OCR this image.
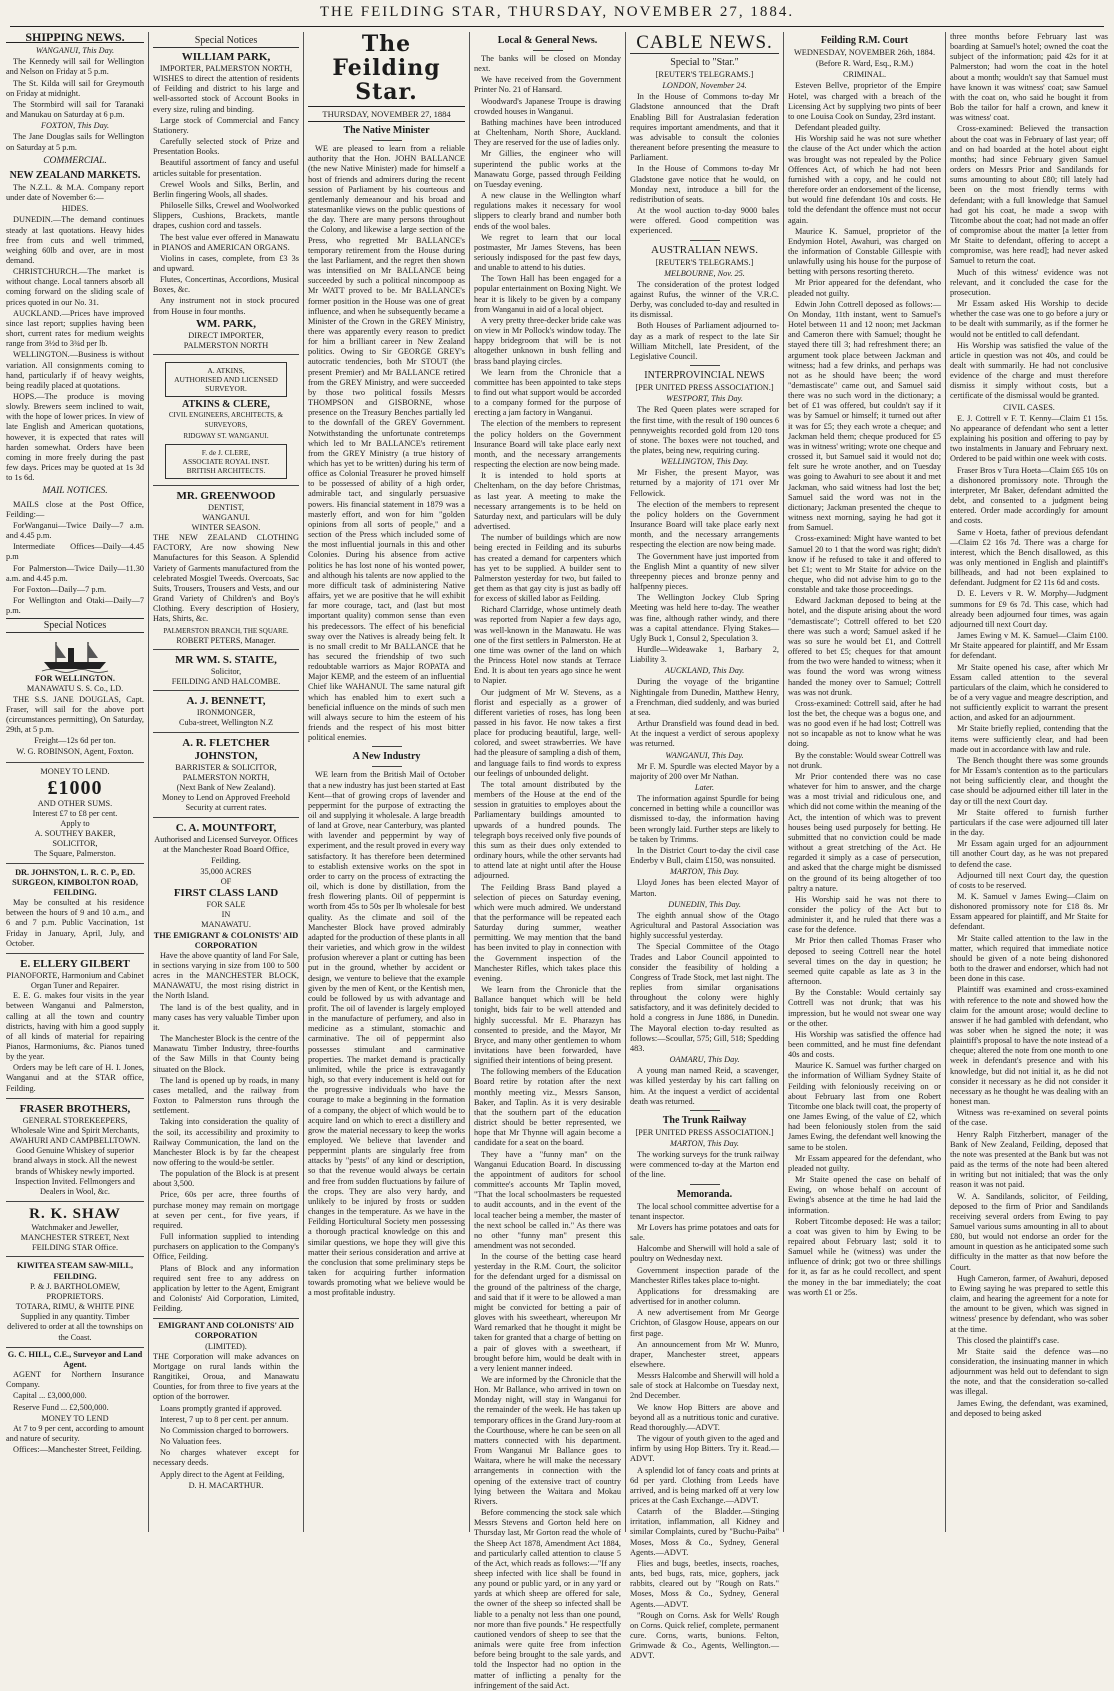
THE FEILDING STAR, THURSDAY, NOVEMBER 27, 1884.
SHIPPING NEWS.

WANGANUI, This Day.

The Kennedy will sail for Wellington and Nelson on Friday at 5 p.m.

The St. Kilda will sail for Greymouth on Friday at midnight.

The Stormbird will sail for Taranaki and Manukau on Saturday at 6 p.m.

FOXTON, This Day.

The Jane Douglas sails for Wellington on Saturday at 5 p.m.

COMMERCIAL.
NEW ZEALAND MARKETS.

The N.Z.L. & M.A. Company report under date of November 6:—

HIDES.

DUNEDIN.—The demand continues steady at last quotations. Heavy hides free from cuts and well trimmed, weighing 60lb and over, are in most demand.

CHRISTCHURCH.—The market is without change. Local tanners absorb all coming forward on the sliding scale of prices quoted in our No. 31.

AUCKLAND.—Prices have improved since last report; supplies having been short, current rates for medium weights range from 3½d to 3¾d per lb.

WELLINGTON.—Business is without variation. All consignments coming to hand, particularly if of heavy weights, being readily placed at quotations.

HOPS.—The produce is moving slowly. Brewers seem inclined to wait, with the hope of lower prices. In view of late English and American quotations, however, it is expected that rates will harden somewhat. Orders have been coming in more freely during the past few days. Prices may be quoted at 1s 3d to 1s 6d.

MAIL NOTICES.

MAILS close at the Post Office, Feilding:—

ForWanganui—Twice Daily—7 a.m. and 4.45 p.m.

Intermediate Offices—Daily—4.45 p.m

For Palmerston—Twice Daily—11.30 a.m. and 4.45 p.m.

For Foxton—Daily—7 p.m.

For Wellington and Otaki—Daily—7 p.m.

Special Notices
FOR WELLINGTON.
MANAWATU S. S. Co., LD.

THE S.S. JANE DOUGLAS, Capt. Fraser, will sail for the above port (circumstances permitting), On Saturday, 29th, at 5 p.m.

Freight—12s 6d per ton.

W. G. ROBINSON, Agent, Foxton.

MONEY TO LEND.
£1000
AND OTHER SUMS.
Interest £7 to £8 per cent.
Apply to
A. SOUTHEY BAKER,
SOLICITOR,
The Square, Palmerston.
DR. JOHNSTON, L. R. C. P., ED. SURGEON, KIMBOLTON ROAD, FEILDING.

May be consulted at his residence between the hours of 9 and 10 a.m., and 6 and 7 p.m. Public Vaccination, 1st Friday in January, April, July, and October.

E. ELLERY GILBERT
PIANOFORTE, Harmonium and Cabinet Organ Tuner and Repairer.

E. E. G. makes four visits in the year between Wanganui and Palmerston, calling at all the town and country districts, having with him a good supply of all kinds of material for repairing Pianos, Harmoniums, &c. Pianos tuned by the year.

Orders may be left care of H. I. Jones, Wanganui and at the STAR office, Feilding.

FRASER BROTHERS,
GENERAL STOREKEEPERS, Wholesale Wine and Spirit Merchants,
AWAHURI AND CAMPBELLTOWN.

Good Genuine Whiskey of superior brand always in stock. All the newest brands of Whiskey newly imported. Inspection Invited. Fellmongers and Dealers in Wool, &c.

R. K. SHAW
Watchmaker and Jeweller, MANCHESTER STREET, Next FEILDING STAR Office.
KIWITEA STEAM SAW-MILL, FEILDING.
P. & J. BARTHOLOMEW, PROPRIETORS.

TOTARA, RIMU, & WHITE PINE Supplied in any quantity. Timber delivered to order at all the townships on the Coast.

G. C. HILL, C.E., Surveyor and Land Agent.

AGENT for Northern Insurance Company.

Capital ... £3,000,000.

Reserve Fund ... £2,500,000.

MONEY TO LEND

At 7 to 9 per cent, according to amount and nature of security.

Offices:—Manchester Street, Feilding.

Special Notices
WILLIAM PARK,
IMPORTER, PALMERSTON NORTH,

WISHES to direct the attention of residents of Feilding and district to his large and well-assorted stock of Account Books in every size, ruling and binding.

Large stock of Commercial and Fancy Stationery.

Carefully selected stock of Prize and Presentation Books.

Beautiful assortment of fancy and useful articles suitable for presentation.

Crewel Wools and Silks, Berlin, and Berlin fingering Wools, all shades.

Philoselle Silks, Crewel and Woolworked Slippers, Cushions, Brackets, mantle drapes, cushion cord and tassels.

The best value ever offered in Manawatu in PIANOS and AMERICAN ORGANS.

Violins in cases, complete, from £3 3s and upward.

Flutes, Concertinas, Accordions, Musical Boxes, &c.

Any instrument not in stock procured from House in four months.

WM. PARK,
DIRECT IMPORTER,
PALMERSTON NORTH
A. ATKINS,
AUTHORISED AND LICENSED SURVEYOR.
ATKINS & CLERE,
CIVIL ENGINEERS, ARCHITECTS, & SURVEYORS,
RIDGWAY ST. WANGANUI.
F. de J. CLERE,
ASSOCIATE ROYAL INST. BRITISH ARCHITECTS.
MR. GREENWOOD
DENTIST,
WANGANUI.
WINTER SEASON.

THE NEW ZEALAND CLOTHING FACTORY, Are now showing New Manufactures for this Season. A Splendid Variety of Garments manufactured from the celebrated Mosgiel Tweeds. Overcoats, Sac Suits, Trousers, Trousers and Vests, and our Grand Variety of Children's and Boy's Clothing. Every description of Hosiery, Hats, Shirts, &c.

PALMERSTON BRANCH, THE SQUARE.
ROBERT PETERS, Manager.
MR WM. S. STAITE,
Solicitor,
FEILDING AND HALCOMBE.
A. J. BENNETT,
IRONMONGER,
Cuba-street, Wellington N.Z
A. R. FLETCHER JOHNSTON,
BARRISTER & SOLICITOR,
PALMERSTON NORTH,
(Next Bank of New Zealand).

Money to Lend on Approved Freehold Security at current rates.

C. A. MOUNTFORT,

Authorised and Licensed Surveyor. Offices at the Manchester Road Board Office, Feilding.

35,000 ACRES
OF
FIRST CLASS LAND
FOR SALE
IN
MANAWATU.
THE EMIGRANT & COLONISTS' AID CORPORATION

Have the above quantity of land For Sale, in sections varying in size from 100 to 500 acres in the MANCHESTER BLOCK, MANAWATU, the most rising district in the North Island.

The land is of the best quality, and in many cases has very valuable Timber upon it.

The Manchester Block is the centre of the Manawatu Timber Industry, three-fourths of the Saw Mills in that County being situated on the Block.

The land is opened up by roads, in many cases metalled, and the railway from Foxton to Palmerston runs through the settlement.

Taking into consideration the quality of the soil, its accessibility and proximity to Railway Communication, the land on the Manchester Block is by far the cheapest now offering to the would-be settler.

The population of the Block is at present about 3,500.

Price, 60s per acre, three fourths of purchase money may remain on mortgage at seven per cent., for five years, if required.

Full information supplied to intending purchasers on application to the Company's Office, Feilding.

Plans of Block and any information required sent free to any address on application by letter to the Agent, Emigrant and Colonists' Aid Corporation, Limited, Feilding.

EMIGRANT AND COLONISTS' AID CORPORATION
(LIMITED).

THE Corporation will make advances on Mortgage on rural lands within the Rangitikei, Oroua, and Manawatu Counties, for from three to five years at the option of the borrower.

Loans promptly granted if approved.

Interest, 7 up to 8 per cent. per annum.

No Commission charged to borrowers.

No Valuation fees.

No charges whatever except for necessary deeds.

Apply direct to the Agent at Feilding,

D. H. MACARTHUR.
The Feilding Star.
THURSDAY, NOVEMBER 27, 1884
The Native Minister

WE are pleased to learn from a reliable authority that the Hon. JOHN BALLANCE (the new Native Minister) made for himself a host of friends and admirers during the recent session of Parliament by his courteous and gentlemanly demeanour and his broad and statesmanlike views on the public questions of the day. There are many persons throughout the Colony, and likewise a large section of the Press, who regretted Mr BALLANCE's temporary retirement from the House during the last Parliament, and the regret then shown was intensified on Mr BALLANCE being succeeded by such a political nincompoop as Mr WATT proved to be. Mr BALLANCE's former position in the House was one of great influence, and when he subsequently became a Minister of the Crown in the GREY Ministry, there was apparently every reason to predict for him a brilliant career in New Zealand politics. Owing to Sir GEORGE GREY's autocratic tendencies, both Mr STOUT (the present Premier) and Mr BALLANCE retired from the GREY Ministry, and were succeeded by those two political fossils Messrs THOMPSON and GISBORNE, whose presence on the Treasury Benches partially led to the downfall of the GREY Government. Notwithstanding the unfortunate contretemps which led to Mr BALLANCE's retirement from the GREY Ministry (a true history of which has yet to be written) during his term of office as Colonial Treasurer he proved himself to be possessed of ability of a high order, admirable tact, and singularly persuasive powers. His financial statement in 1879 was a masterly effort, and won for him "golden opinions from all sorts of people," and a section of the Press which included some of the most influential journals in this and other Colonies. During his absence from active politics he has lost none of his wonted power, and although his talents are now applied to the more difficult task of administering Native affairs, yet we are positive that he will exhibit far more courage, tact, and (last but most important quality) common sense than even his predecessors. The effect of his beneficial sway over the Natives is already being felt. It is no small credit to Mr BALLANCE that he has secured the friendship of two such redoubtable warriors as Major ROPATA and Major KEMP, and the esteem of an influential Chief like WAHANUI. The same natural gift which has enabled him to exert such a beneficial influence on the minds of such men will always secure to him the esteem of his friends and the respect of his most bitter political enemies.

A New Industry

WE learn from the British Mail of October that a new industry has just been started at East Kent—that of growing crops of lavender and peppermint for the purpose of extracting the oil and supplying it wholesale. A large breadth of land at Grove, near Canterbury, was planted with lavender and peppermint by way of experiment, and the result proved in every way satisfactory. It has therefore been determined to establish extensive works on the spot in order to carry on the process of extracting the oil, which is done by distillation, from the fresh flowering plants. Oil of peppermint is worth from 45s to 50s per lb wholesale for best quality. As the climate and soil of the Manchester Block have proved admirably adapted for the production of these plants in all their varieties, and which grow in the wildest profusion wherever a plant or cutting has been put in the ground, whether by accident or design, we venture to believe that the example given by the men of Kent, or the Kentish men, could be followed by us with advantage and profit. The oil of lavender is largely employed in the manufacture of perfumery, and also in medicine as a stimulant, stomachic and carminative. The oil of peppermint also possesses stimulant and carminative properties. The market demand is practically unlimited, while the price is extravagantly high, so that every inducement is held out for the progressive individuals who have the courage to make a beginning in the formation of a company, the object of which would be to acquire land on which to erect a distillery and grow the material necessary to keep the works employed. We believe that lavender and peppermint plants are singularly free from attacks by "pests" of any kind or description, so that the revenue would always be certain and free from sudden fluctuations by failure of the crops. They are also very hardy, and unlikely to be injured by frosts or sudden changes in the temperature. As we have in the Feilding Horticultural Society men possessing a thorough practical knowledge on this and similar questions, we hope they will give this matter their serious consideration and arrive at the conclusion that some preliminary steps be taken for acquiring further information towards promoting what we believe would be a most profitable industry.

Local & General News.

The banks will be closed on Monday next.

We have received from the Government Printer No. 21 of Hansard.

Woodward's Japanese Troupe is drawing crowded houses in Wanganui.

Bathing machines have been introduced at Cheltenham, North Shore, Auckland. They are reserved for the use of ladies only.

Mr Gillies, the engineer who will superintend the public works at the Manawatu Gorge, passed through Feilding on Tuesday evening.

A new clause in the Wellington wharf regulations makes it necessary for wool slippers to clearly brand and number both ends of the wool bales.

We regret to learn that our local postmaster, Mr James Stevens, has been seriously indisposed for the past few days, and unable to attend to his duties.

The Town Hall has been engaged for a popular entertainment on Boxing Night. We hear it is likely to be given by a company from Wanganui in aid of a local object.

A very pretty three-decker bride cake was on view in Mr Pollock's window today. The happy bridegroom that will be is not altogether unknown in bush felling and brass band playing circles.

We learn from the Chronicle that a committee has been appointed to take steps to find out what support would be accorded to a company formed for the purpose of erecting a jam factory in Wanganui.

The election of the members to represent the policy holders on the Government Insurance Board will take place early next month, and the necessary arrangements respecting the election are now being made.

It is intended to hold sports at Cheltenham, on the day before Christmas, as last year. A meeting to make the necessary arrangements is to be held on Saturday next, and particulars will be duly advertised.

The number of buildings which are now being erected in Feilding and its suburbs has created a demand for carpenters which has yet to be supplied. A builder sent to Palmerston yesterday for two, but failed to get them as that gay city is just as badly off for excess of skilled labor as Feilding.

Richard Clarridge, whose untimely death was reported from Napier a few days ago, was well-known in the Manawatu. He was one of the first settlers in Palmerston. He at one time was owner of the land on which the Princess Hotel now stands at Terrace End. It is about ten years ago since he went to Napier.

Our judgment of Mr W. Stevens, as a florist and especially as a grower of different varieties of roses, has long been passed in his favor. He now takes a first place for producing beautiful, large, well-colored, and sweet strawberries. We have had the pleasure of sampling a dish of them, and language fails to find words to express our feelings of unbounded delight.

The total amount distributed by the members of the House at the end of the session in gratuities to employes about the Parliamentary buildings amounted to upwards of a hundred pounds. The telegraph boys received only five pounds of this sum as their dues only extended to ordinary hours, while the other servants had to attend late at night until after the House adjourned.

The Feilding Brass Band played a selection of pieces on Saturday evening, which were much admired. We understand that the performance will be repeated each Saturday during summer, weather permitting. We may mention that the band has been invited to play in connection with the Government inspection of the Manchester Rifles, which takes place this evening.

We learn from the Chronicle that the Ballance banquet which will be held tonight, bids fair to be well attended and highly successful. Mr E. Pharazyn has consented to preside, and the Mayor, Mr Bryce, and many other gentlemen to whom invitations have been forwarded, have signified their intentions of being present.

The following members of the Education Board retire by rotation after the next monthly meeting viz., Messrs Sanson, Baker, and Taplin. As it is very desirable that the southern part of the education district should be better represented, we hope that Mr Thynne will again become a candidate for a seat on the board.

They have a "funny man" on the Wanganui Education Board. In discussing the appointment of auditors for school committee's accounts Mr Taplin moved, "That the local schoolmasters be requested to audit accounts, and in the event of the local teacher being a member, the master of the next school be called in." As there was no other "funny man" present this amendment was not seconded.

In the course of the betting case heard yesterday in the R.M. Court, the solicitor for the defendant urged for a dismissal on the ground of the paltriness of the charge, and said that if it were to be allowed a man might be convicted for betting a pair of gloves with his sweetheart, whereupon Mr Ward remarked that he thought it might be taken for granted that a charge of betting on a pair of gloves with a sweetheart, if brought before him, would be dealt with in a very lenient manner indeed.

We are informed by the Chronicle that the Hon. Mr Ballance, who arrived in town on Monday night, will stay in Wanganui for the remainder of the week. He has taken up temporary offices in the Grand Jury-room at the Courthouse, where he can be seen on all matters connected with his department. From Wanganui Mr Ballance goes to Waitara, where he will make the necessary arrangements in connection with the opening of the extensive tract of country lying between the Waitara and Mokau Rivers.

Before commencing the stock sale which Messrs Stevens and Gorton held here on Thursday last, Mr Gorton read the whole of the Sheep Act 1878, Amendment Act 1884, and particularly called attention to clause 5 of the Act, which reads as follows:—"If any sheep infected with lice shall be found in any pound or public yard, or in any yard or yards at which sheep are offered for sale, the owner of the sheep so infected shall be liable to a penalty not less than one pound, nor more than five pounds." He respectfully cautioned vendors of sheep to see that the animals were quite free from infection before being brought to the sale yards, and told the Inspector had no option in the matter of inflicting a penalty for the infringement of the said Act.

CABLE NEWS.
Special to "Star."

[REUTER'S TELEGRAMS.]

LONDON, November 24.

In the House of Commons to-day Mr Gladstone announced that the Draft Enabling Bill for Australasian federation requires important amendments, and that it was advisable to consult the colonies thereanent before presenting the measure to Parliament.

In the House of Commons to-day Mr Gladstone gave notice that he would, on Monday next, introduce a bill for the redistribution of seats.

At the wool auction to-day 9000 bales were offered. Good competition was experienced.

AUSTRALIAN NEWS.

[REUTER'S TELEGRAMS.]

MELBOURNE, Nov. 25.

The consideration of the protest lodged against Rufus, the winner of the V.R.C. Derby, was concluded to-day and resulted in its dismissal.

Both Houses of Parliament adjourned to-day as a mark of respect to the late Sir William Mitchell, late President, of the Legislative Council.

INTERPROVINCIAL NEWS

[PER UNITED PRESS ASSOCIATION.]

WESTPORT, This Day.

The Red Queen plates were scraped for the first time, with the result of 190 ounces 6 pennyweights recorded gold from 120 tons of stone. The boxes were not touched, and the plates, being new, requiring curing.

WELLINGTON, This Day.

Mr Fisher, the present Mayor, was returned by a majority of 171 over Mr Fellowick.

The election of the members to represent the policy holders on the Government Insurance Board will take place early next month, and the necessary arrangements respecting the election are now being made.

The Government have just imported from the English Mint a quantity of new silver threepenny pieces and bronze penny and halfpenny pieces.

The Wellington Jockey Club Spring Meeting was held here to-day. The weather was fine, although rather windy, and there was a capital attendance. Flying Stakes—Ugly Buck 1, Consul 2, Speculation 3.

Hurdle—Wideawake 1, Barbary 2, Liability 3.

AUCKLAND, This Day.

During the voyage of the brigantine Nightingale from Dunedin, Matthew Henry, a Frenchman, died suddenly, and was buried at sea.

Arthur Dransfield was found dead in bed. At the inquest a verdict of serous apoplexy was returned.

WANGANUI, This Day.

Mr F. M. Spurdle was elected Mayor by a majority of 200 over Mr Nathan.

Later.

The information against Spurdle for being concerned in betting while a councillor was dismissed to-day, the information having been wrongly laid. Further steps are likely to be taken by Trimms.

In the District Court to-day the civil case Enderby v Bull, claim £150, was nonsuited.

MARTON, This Day.

Lloyd Jones has been elected Mayor of Marton.

DUNEDIN, This Day.

The eighth annual show of the Otago Agricultural and Pastoral Association was highly successful yesterday.

The Special Committee of the Otago Trades and Labor Council appointed to consider the feasibility of holding a Congress of Trade Stock, met last night. The replies from similar organisations throughout the colony were highly satisfactory, and it was definitely decided to hold a congress in June 1886, in Dunedin. The Mayoral election to-day resulted as follows:—Scoullar, 575; Gill, 518; Spedding 483.

OAMARU, This Day.

A young man named Reid, a scavenger, was killed yesterday by his cart falling on him. At the inquest a verdict of accidental death was returned.

The Trunk Railway

[PER UNITED PRESS ASSOCIATION.]

MARTON, This Day.

The working surveys for the trunk railway were commenced to-day at the Marton end of the line.

Memoranda.

The local school committee advertise for a tenant inspector.

Mr Lovers has prime potatoes and oats for sale.

Halcombe and Sherwill will hold a sale of poultry on Wednesday next.

Government inspection parade of the Manchester Rifles takes place to-night.

Applications for dressmaking are advertised for in another column.

A new advertisement from Mr George Crichton, of Glasgow House, appears on our first page.

An announcement from Mr W. Munro, draper, Manchester street, appears elsewhere.

Messrs Halcombe and Sherwill will hold a sale of stock at Halcombe on Tuesday next, 2nd December.

We know Hop Bitters are above and beyond all as a nutritious tonic and curative. Read thoroughly.—ADVT.

The vigour of youth given to the aged and infirm by using Hop Bitters. Try it. Read.—ADVT.

A splendid lot of fancy coats and prints at 6d per yard. Clothing from Leeds have arrived, and is being marked off at very low prices at the Cash Exchange.—ADVT.

Catarrh of the Bladder.—Stinging irritation, inflammation, all Kidney and similar Complaints, cured by "Buchu-Paiba" Moses, Moss & Co., Sydney, General Agents.—ADVT.

Flies and bugs, beetles, insects, roaches, ants, bed bugs, rats, mice, gophers, jack rabbits, cleared out by "Rough on Rats." Moses, Moss & Co., Sydney, General Agents.—ADVT.

"Rough on Corns. Ask for Wells' Rough on Corns. Quick relief, complete, permanent cure. Corns, warts, bunions. Felton, Grimwade & Co., Agents, Wellington.—ADVT.

Feilding R.M. Court

WEDNESDAY, NOVEMBER 26th, 1884.

(Before R. Ward, Esq., R.M.)

CRIMINAL.

Esteven Bellve, proprietor of the Empire Hotel, was charged with a breach of the Licensing Act by supplying two pints of beer to one Louisa Cook on Sunday, 23rd instant.

Defendant pleaded guilty.

His Worship said he was not sure whether the clause of the Act under which the action was brought was not repealed by the Police Offences Act, of which he had not been furnished with a copy, and he could not therefore order an endorsement of the license, but would fine defendant 10s and costs. He told the defendant the offence must not occur again.

Maurice K. Samuel, proprietor of the Endymion Hotel, Awahuri, was charged on the information of Constable Gillespie with unlawfully using his house for the purpose of betting with persons resorting thereto.

Mr Prior appeared for the defendant, who pleaded not guilty.

Edwin John Cottrell deposed as follows:—On Monday, 11th instant, went to Samuel's Hotel between 11 and 12 noon; met Jackman and Cameron there with Samuel; thought he stayed there till 3; had refreshment there; an argument took place between Jackman and witness; had a few drinks, and perhaps was not as he should have been; the word "demastiscate" came out, and Samuel said there was no such word in the dictionary; a bet of £1 was offered, but couldn't say if it was by Samuel or himself; it turned out after it was for £5; they each wrote a cheque; and Jackman held them; cheque produced for £5 was in witness' writing; wrote one cheque and crossed it, but Samuel said it would not do; felt sure he wrote another, and on Tuesday was going to Awahuri to see about it and met Jackman, who said witness had lost the bet; Samuel said the word was not in the dictionary; Jackman presented the cheque to witness next morning, saying he had got it from Samuel.

Cross-examined: Might have wanted to bet Samuel 20 to 1 that the word was right; didn't know if he refused to take it and offered to bet £1; went to Mr Staite for advice on the cheque, who did not advise him to go to the constable and take those proceedings.

Edward Jackman deposed to being at the hotel, and the dispute arising about the word "demastiscate"; Cottrell offered to bet £20 there was such a word; Samuel asked if he was so sure he would bet £1, and Cottrell offered to bet £5; cheques for that amount from the two were handed to witness; when it was found the word was wrong witness handed the money over to Samuel; Cottrell was was not drunk.

Cross-examined: Cottrell said, after he had lost the bet, the cheque was a bogus one, and was no good even if he had lost; Cottrell was not so incapable as not to know what he was doing.

By the constable: Would swear Cottrell was not drunk.

Mr Prior contended there was no case whatever for him to answer, and the charge was a most trivial and ridiculous one, and which did not come within the meaning of the Act, the intention of which was to prevent houses being used purposely for betting. He submitted that no conviction could be made without a great stretching of the Act. He regarded it simply as a case of persecution, and asked that the charge might be dismissed on the ground of its being altogether of too paltry a nature.

His Worship said he was not there to consider the policy of the Act but to administer it, and he ruled that there was a case for the defence.

Mr Prior then called Thomas Fraser who deposed to seeing Cottrell near the hotel several times on the day in question; he seemed quite capable as late as 3 in the afternoon.

By the Constable: Would certainly say Cottrell was not drunk; that was his impression, but he would not swear one way or the other.

His Worship was satisfied the offence had been committed, and he must fine defendant 40s and costs.

Maurice K. Samuel was further charged on the information of William Sydney Staite of Feilding with feloniously receiving on or about February last from one Robert Titcombe one black twill coat, the property of one James Ewing, of the value of £2, which had been feloniously stolen from the said James Ewing, the defendant well knowing the same to be stolen.

Mr Essam appeared for the defendant, who pleaded not guilty.

Mr Staite opened the case on behalf of Ewing, on whose behalf on account of Ewing's absence at the time he had laid the information.

Robert Titcombe deposed: He was a tailor; a coat was given to him by Ewing to be repaired about February last; sold it to Samuel while he (witness) was under the influence of drink; got two or three shillings for it, as far as he could recollect, and spent the money in the bar immediately; the coat was worth £1 or 25s.

three months before February last was boarding at Samuel's hotel; owned the coat the subject of the information; paid 42s for it at Palmerston; had worn the coat in the hotel about a month; wouldn't say that Samuel must have known it was witness' coat; saw Samuel with the coat on, who said he bought it from Bob the tailor for half a crown, and knew it was witness' coat.

Cross-examined: Believed the transaction about the coat was in February of last year; off and on had boarded at the hotel about eight months; had since February given Samuel orders on Messrs Prior and Sandilands for sums amounting to about £80; till lately had been on the most friendly terms with defendant; with a full knowledge that Samuel had got his coat, he made a swop with Titcombe about the coat; had not made an offer of compromise about the matter [a letter from Mr Staite to defendant, offering to accept a compromise, was here read]; had never asked Samuel to return the coat.

Much of this witness' evidence was not relevant, and it concluded the case for the prosecution.

Mr Essam asked His Worship to decide whether the case was one to go before a jury or to be dealt with summarily, as if the former he would not be entitled to call defendant.

His Worship was satisfied the value of the article in question was not 40s, and could be dealt with summarily. He had not conclusive evidence of the charge and must therefore dismiss it simply without costs, but a certificate of the dismissal would be granted.

CIVIL CASES.

E. J. Cottrell v F. T. Kenny—Claim £1 15s. No appearance of defendant who sent a letter explaining his position and offering to pay by two instalments in January and February next. Ordered to be paid within one week with costs.

Fraser Bros v Tura Hoeta—Claim £65 10s on a dishonored promissory note. Through the interpreter, Mr Baker, defendant admitted the debt, and consented to a judgment being entered. Order made accordingly for amount and costs.

Same v Hoeta, father of previous defendant—Claim £2 16s 7d. There was a charge for interest, which the Bench disallowed, as this was only mentioned in English and plaintiff's billheads, and had not been explained to defendant. Judgment for £2 11s 6d and costs.

D. E. Levers v R. W. Morphy—Judgment summons for £9 6s 7d. This case, which had already been adjourned four times, was again adjourned till next Court day.

James Ewing v M. K. Samuel—Claim £100. Mr Staite appeared for plaintiff, and Mr Essam for defendant.

Mr Staite opened his case, after which Mr Essam called attention to the several particulars of the claim, which he considered to be of a very vague and meagre description, and not sufficiently explicit to warrant the present action, and asked for an adjournment.

Mr Staite briefly replied, contending that the items were sufficiently clear, and had been made out in accordance with law and rule.

The Bench thought there was some grounds for Mr Essam's contention as to the particulars not being sufficiently clear, and thought the case should be adjourned either till later in the day or till the next Court day.

Mr Staite offered to furnish further particulars if the case were adjourned till later in the day.

Mr Essam again urged for an adjournment till another Court day, as he was not prepared to defend the case.

Adjourned till next Court day, the question of costs to be reserved.

M. K. Samuel v James Ewing—Claim on dishonored promissory note for £18 8s. Mr Essam appeared for plaintiff, and Mr Staite for defendant.

Mr Staite called attention to the law in the matter, which required that immediate notice should be given of a note being dishonored both to the drawer and endorser, which had not been done in this case.

Plaintiff was examined and cross-examined with reference to the note and showed how the claim for the amount arose; would decline to answer if he had gambled with defendant, who was sober when he signed the note; it was plaintiff's proposal to have the note instead of a cheque; altered the note from one month to one week in defendant's presence and with his knowledge, but did not initial it, as he did not consider it necessary as he did not consider it necessary as he thought he was dealing with an honest man.

Witness was re-examined on several points of the case.

Henry Ralph Fitzherbert, manager of the Bank of New Zealand, Feilding, deposed that the note was presented at the Bank but was not paid as the terms of the note had been altered in writing but not initialed; that was the only reason it was not paid.

W. A. Sandilands, solicitor, of Feilding, deposed to the firm of Prior and Sandilands receiving several orders from Ewing to pay Samuel various sums amounting in all to about £80, but would not endorse an order for the amount in question as he anticipated some such difficulty in the matter as that now before the Court.

Hugh Cameron, farmer, of Awahuri, deposed to Ewing saying he was prepared to settle this claim, and hearing the agreement for a note for the amount to be given, which was signed in witness' presence by defendant, who was sober at the time.

This closed the plaintiff's case.

Mr Staite said the defence was—no consideration, the insinuating manner in which adjournment was held out to defendant to sign the note, and that the consideration so-called was illegal.

James Ewing, the defendant, was examined, and deposed to being asked
